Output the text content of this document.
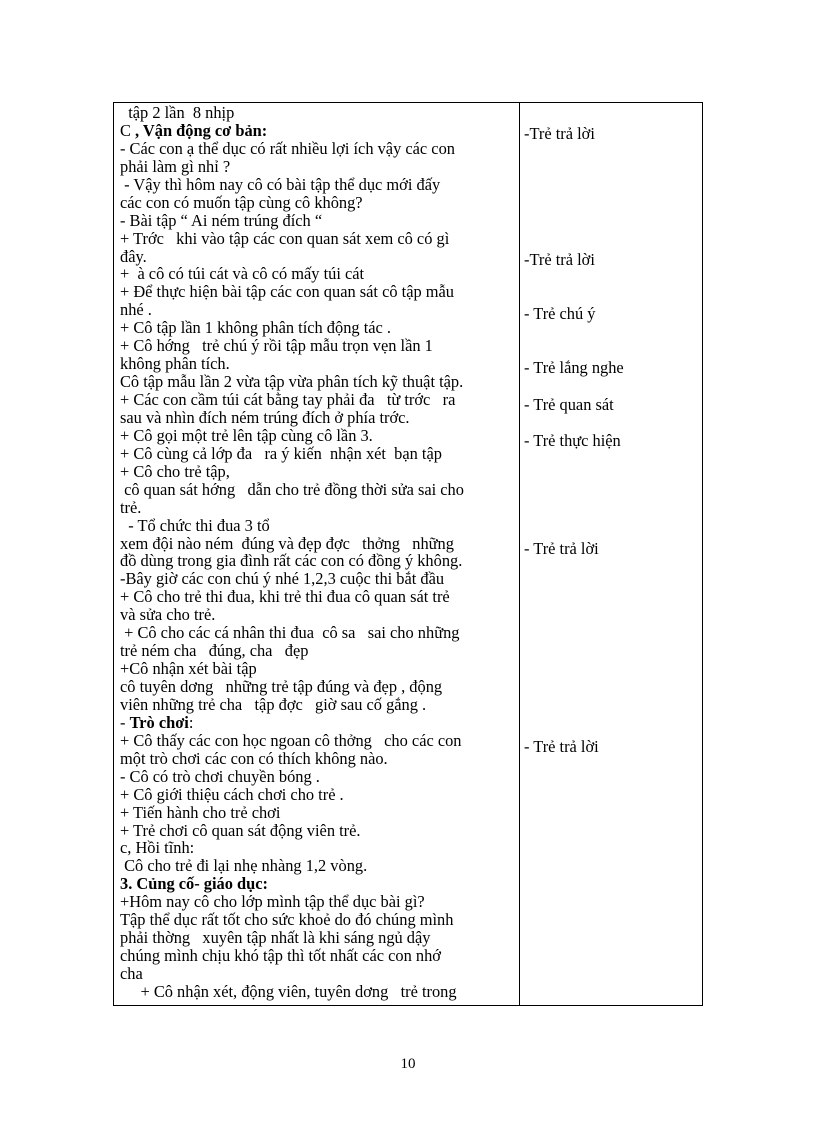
tập 2 lần  8 nhịp
C , Vận động cơ bản:
- Các con ạ thể dục có rất nhiều lợi ích vậy các con
phải làm gì nhỉ ?
- Vậy thì hôm nay cô có bài tập thể dục mới đấy
các con có muốn tập cùng cô không?
- Bài tập “ Ai ném trúng đích “
+ Trớc   khi vào tập các con quan sát xem cô có gì
đây.
+  à cô có túi cát và cô có mấy túi cát
+ Để thực hiện bài tập các con quan sát cô tập mẫu
nhé .
+ Cô tập lần 1 không phân tích động tác .
+ Cô hớng   trẻ chú ý rồi tập mẫu trọn vẹn lần 1
không phân tích.
Cô tập mẫu lần 2 vừa tập vừa phân tích kỹ thuật tập.
+ Các con cầm túi cát bằng tay phải đa   từ trớc   ra
sau và nhìn đích ném trúng đích ở phía trớc.
+ Cô gọi một trẻ lên tập cùng cô lần 3.
+ Cô cùng cả lớp đa   ra ý kiến  nhận xét  bạn tập
+ Cô cho trẻ tập,
cô quan sát hớng   dẫn cho trẻ đồng thời sửa sai cho
trẻ.
- Tổ chức thi đua 3 tổ
xem đội nào ném  đúng và đẹp đợc   thởng   những
đồ dùng trong gia đình rất các con có đồng ý không.
-Bây giờ các con chú ý nhé 1,2,3 cuộc thi bắt đầu
+ Cô cho trẻ thi đua, khi trẻ thi đua cô quan sát trẻ
và sửa cho trẻ.
+ Cô cho các cá nhân thi đua  cô sa   sai cho những
trẻ ném cha   đúng, cha   đẹp
+Cô nhận xét bài tập
cô tuyên dơng   những trẻ tập đúng và đẹp , động
viên những trẻ cha   tập đợc   giờ sau cố gắng .
- Trò chơi:
+ Cô thấy các con học ngoan cô thởng   cho các con
một trò chơi các con có thích không nào.
- Cô có trò chơi chuyền bóng .
+ Cô giới thiệu cách chơi cho trẻ .
+ Tiến hành cho trẻ chơi
+ Trẻ chơi cô quan sát động viên trẻ.
c, Hồi tĩnh:
Cô cho trẻ đi lại nhẹ nhàng 1,2 vòng.
3. Củng cố- giáo dục:
+Hôm nay cô cho lớp mình tập thể dục bài gì?
Tập thể dục rất tốt cho sức khoẻ do đó chúng mình
phải thờng   xuyên tập nhất là khi sáng ngủ dậy
chúng mình chịu khó tập thì tốt nhất các con nhớ
cha
+ Cô nhận xét, động viên, tuyên dơng   trẻ trong
-Trẻ trả lời
-Trẻ trả lời
- Trẻ chú ý
- Trẻ lắng nghe
- Trẻ quan sát
- Trẻ thực hiện
- Trẻ trả lời
- Trẻ trả lời
10
